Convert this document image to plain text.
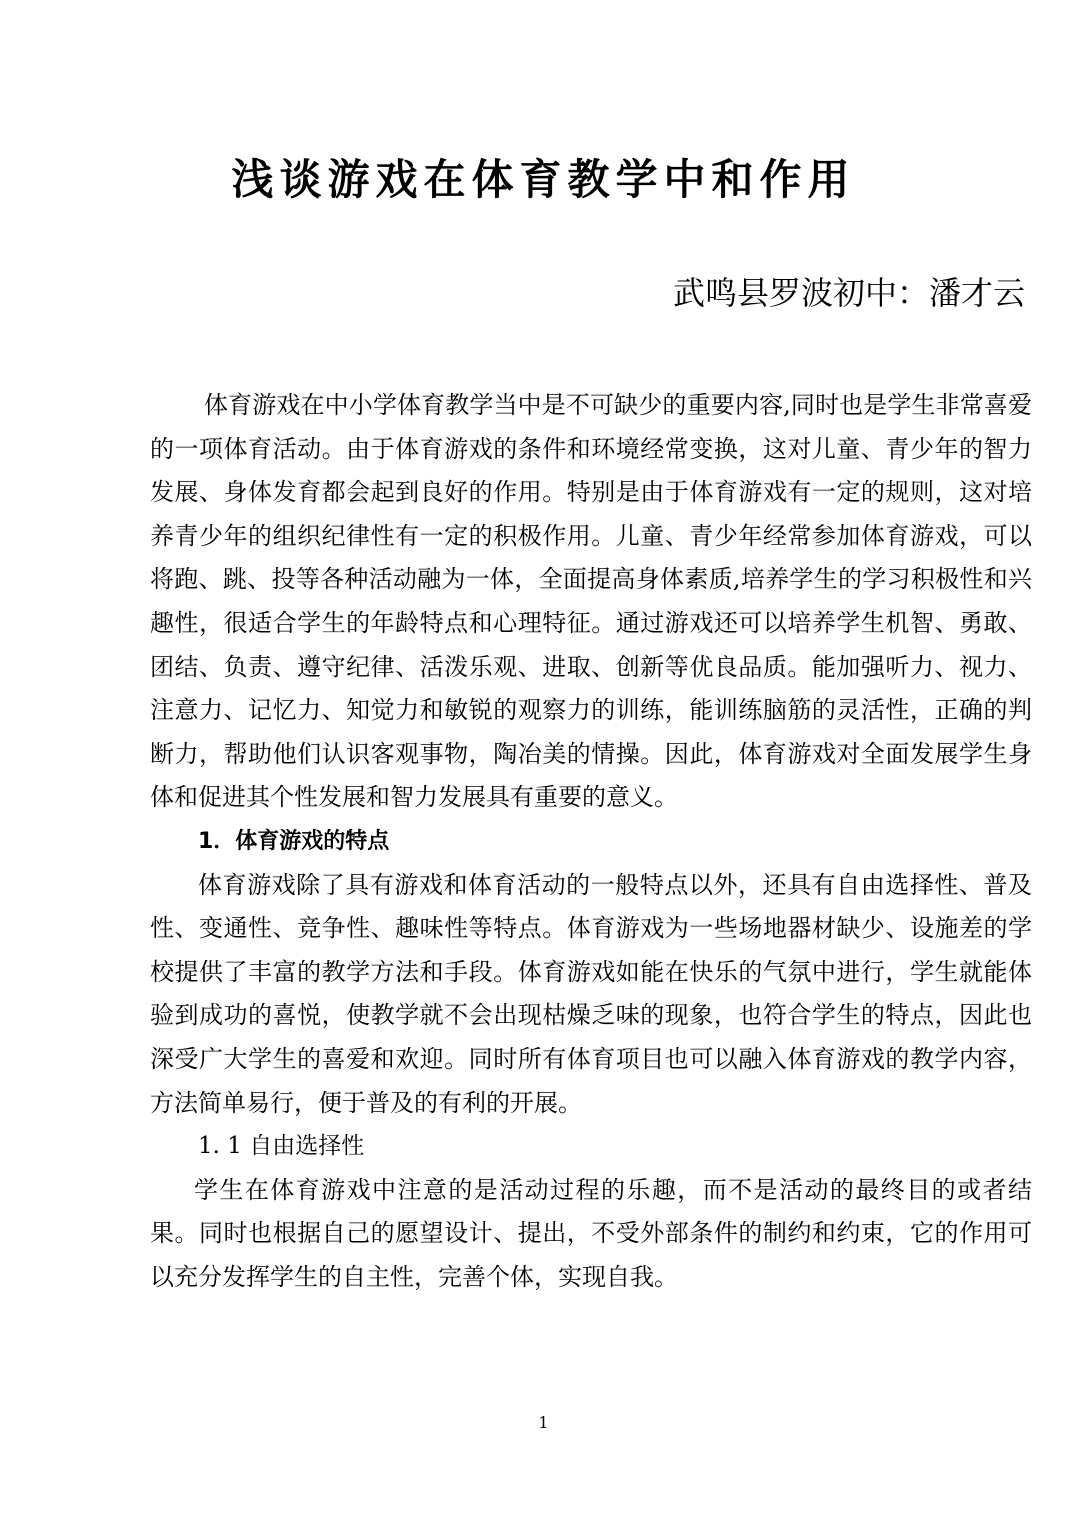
浅谈游戏在体育教学中和作用
武鸣县罗波初中：潘才云

体育游戏在中小学体育教学当中是不可缺少的重要内容,同时也是学生非常喜爱的一项体育活动。由于体育游戏的条件和环境经常变换，这对儿童、青少年的智力发展、身体发育都会起到良好的作用。特别是由于体育游戏有一定的规则，这对培养青少年的组织纪律性有一定的积极作用。儿童、青少年经常参加体育游戏，可以将跑、跳、投等各种活动融为一体，全面提高身体素质,培养学生的学习积极性和兴趣性，很适合学生的年龄特点和心理特征。通过游戏还可以培养学生机智、勇敢、团结、负责、遵守纪律、活泼乐观、进取、创新等优良品质。能加强听力、视力、注意力、记忆力、知觉力和敏锐的观察力的训练，能训练脑筋的灵活性，正确的判断力，帮助他们认识客观事物，陶冶美的情操。因此，体育游戏对全面发展学生身体和促进其个性发展和智力发展具有重要的意义。

1．体育游戏的特点

体育游戏除了具有游戏和体育活动的一般特点以外，还具有自由选择性、普及性、变通性、竞争性、趣味性等特点。体育游戏为一些场地器材缺少、设施差的学校提供了丰富的教学方法和手段。体育游戏如能在快乐的气氛中进行，学生就能体验到成功的喜悦，使教学就不会出现枯燥乏味的现象，也符合学生的特点，因此也深受广大学生的喜爱和欢迎。同时所有体育项目也可以融入体育游戏的教学内容，方法简单易行，便于普及的有利的开展。

1. 1 自由选择性

学生在体育游戏中注意的是活动过程的乐趣，而不是活动的最终目的或者结果。同时也根据自己的愿望设计、提出，不受外部条件的制约和约束，它的作用可以充分发挥学生的自主性，完善个体，实现自我。

1
